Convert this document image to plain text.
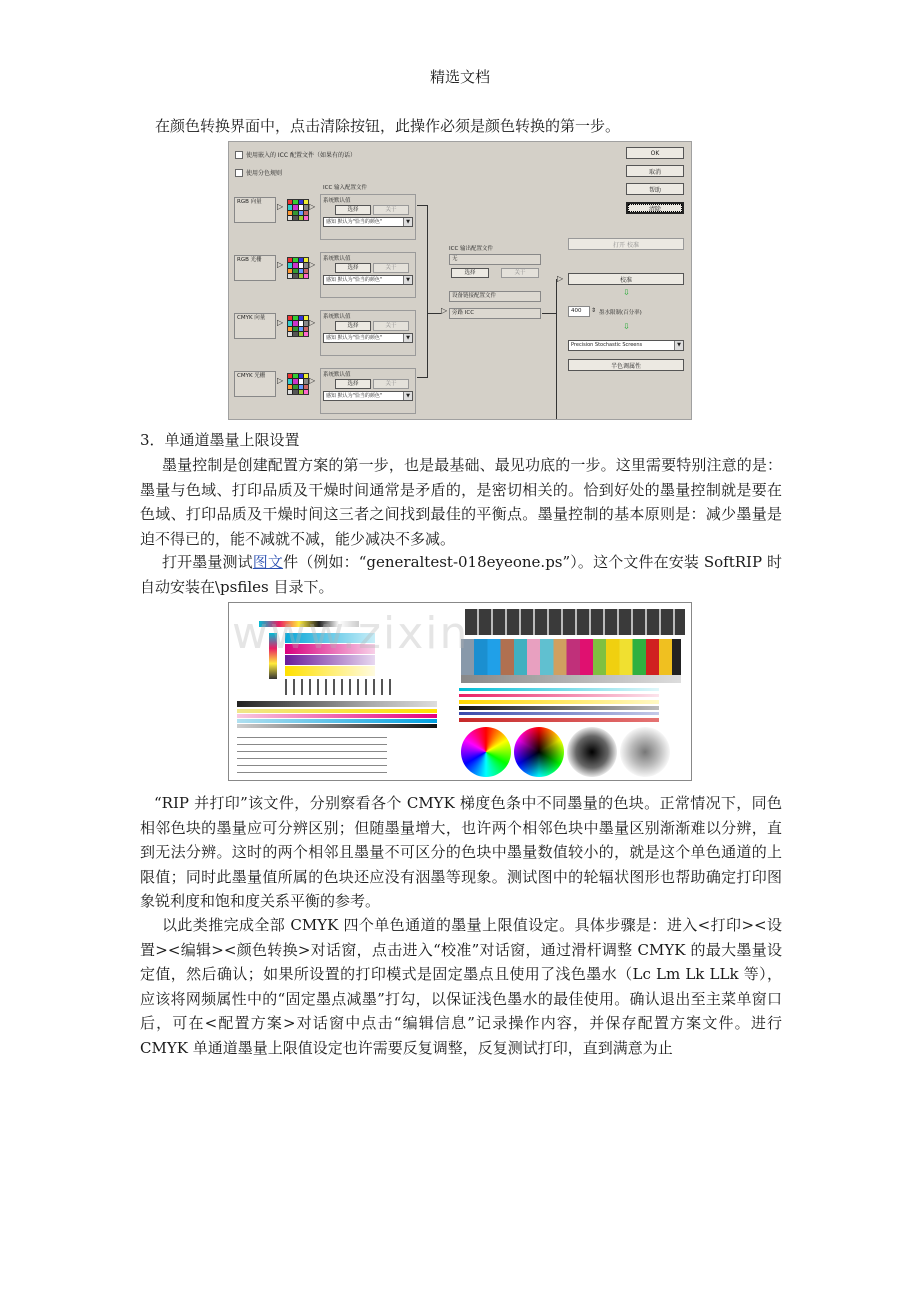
精选文档

在颜色转换界面中，点击清除按钮，此操作必须是颜色转换的第一步。

使用嵌入的 ICC 配置文件（如果有的话）
使用分色规则
OK
取消
帮助
清除
ICC 输入配置文件
RGB 向量
RGB 光栅
CMYK 向量
CMYK 光栅
▷
▷
▷
▷
▷
▷
▷
▷
系统默认值
选择	关于
感知 默认为"恰当的颜色"	▼
系统默认值
选择	关于
感知 默认为"恰当的颜色"	▼
系统默认值
选择	关于
感知 默认为"恰当的颜色"	▼
系统默认值
选择	关于
感知 默认为"恰当的颜色"	▼
ICC 输出配置文件
无
选择	关于
设备链接配置文件
▷ 旁路 ICC
▷
打开 校准
校准
⇩
400	⇕ 墨水限制(百分率)
⇩
Precision Stochastic Screens	▼
半色调属性

3．单通道墨量上限设置

墨量控制是创建配置方案的第一步，也是最基础、最见功底的一步。这里需要特别注意的是：墨量与色域、打印品质及干燥时间通常是矛盾的，是密切相关的。恰到好处的墨量控制就是要在色域、打印品质及干燥时间这三者之间找到最佳的平衡点。墨量控制的基本原则是：减少墨量是迫不得已的，能不减就不减，能少减决不多减。

打开墨量测试图文件（例如：“generaltest-018eyeone.ps”）。这个文件在安装 SoftRIP 时自动安装在\psfiles 目录下。

www.zixin

“RIP 并打印”该文件，分别察看各个 CMYK 梯度色条中不同墨量的色块。正常情况下，同色相邻色块的墨量应可分辨区别；但随墨量增大，也许两个相邻色块中墨量区别渐渐难以分辨，直到无法分辨。这时的两个相邻且墨量不可区分的色块中墨量数值较小的，就是这个单色通道的上限值；同时此墨量值所属的色块还应没有洇墨等现象。测试图中的轮辐状图形也帮助确定打印图象锐利度和饱和度关系平衡的参考。

以此类推完成全部 CMYK 四个单色通道的墨量上限值设定。具体步骤是：进入<打印><设置><编辑><颜色转换>对话窗，点击进入“校准”对话窗，通过滑杆调整 CMYK 的最大墨量设定值，然后确认；如果所设置的打印模式是固定墨点且使用了浅色墨水（Lc Lm Lk LLk 等），应该将网频属性中的“固定墨点减墨”打勾，以保证浅色墨水的最佳使用。确认退出至主菜单窗口后，可在<配置方案>对话窗中点击“编辑信息”记录操作内容，并保存配置方案文件。进行 CMYK 单通道墨量上限值设定也许需要反复调整，反复测试打印，直到满意为止
